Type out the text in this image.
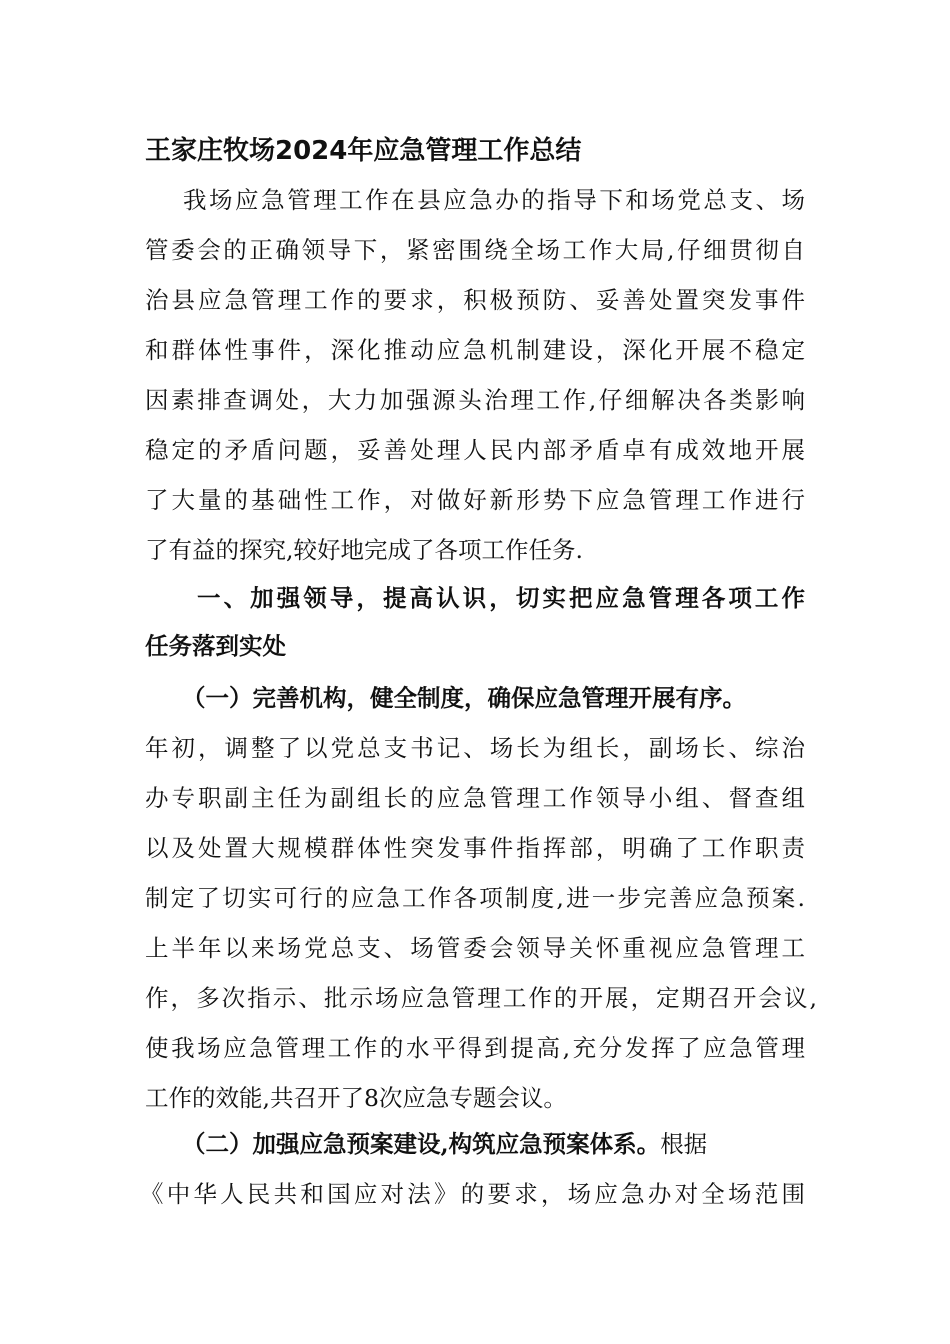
王家庄牧场2024年应急管理工作总结
我场应急管理工作在县应急办的指导下和场党总支、场
管委会的正确领导下，紧密围绕全场工作大局,仔细贯彻自
治县应急管理工作的要求，积极预防、妥善处置突发事件
和群体性事件，深化推动应急机制建设，深化开展不稳定
因素排查调处，大力加强源头治理工作,仔细解决各类影响
稳定的矛盾问题，妥善处理人民内部矛盾卓有成效地开展
了大量的基础性工作，对做好新形势下应急管理工作进行
了有益的探究,较好地完成了各项工作任务.
一、加强领导，提高认识，切实把应急管理各项工作
任务落到实处
（一）完善机构，健全制度，确保应急管理开展有序。
年初，调整了以党总支书记、场长为组长，副场长、综治
办专职副主任为副组长的应急管理工作领导小组、督查组
以及处置大规模群体性突发事件指挥部，明确了工作职责
制定了切实可行的应急工作各项制度,进一步完善应急预案.
上半年以来场党总支、场管委会领导关怀重视应急管理工
作，多次指示、批示场应急管理工作的开展，定期召开会议,
使我场应急管理工作的水平得到提高,充分发挥了应急管理
工作的效能,共召开了8次应急专题会议。
（二）加强应急预案建设,构筑应急预案体系。根据
《中华人民共和国应对法》的要求，场应急办对全场范围
